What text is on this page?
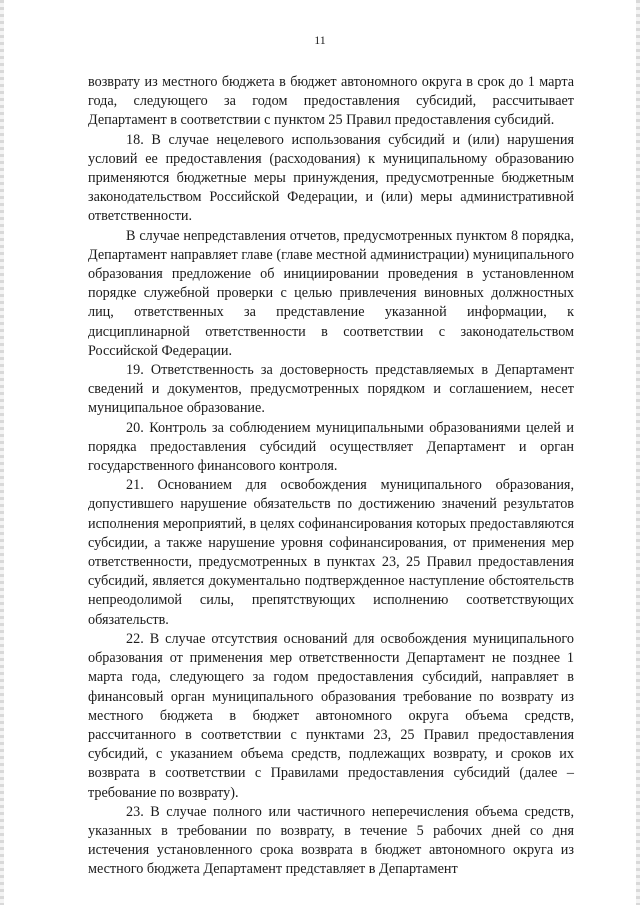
11

возврату из местного бюджета в бюджет автономного округа в срок до 1 марта года, следующего за годом предоставления субсидий, рассчитывает Департамент в соответствии с пунктом 25 Правил предоставления субсидий.

18. В случае нецелевого использования субсидий и (или) нарушения условий ее предоставления (расходования) к муниципальному образованию применяются бюджетные меры принуждения, предусмотренные бюджетным законодательством Российской Федерации, и (или) меры административной ответственности.

В случае непредставления отчетов, предусмотренных пунктом 8 порядка, Департамент направляет главе (главе местной администрации) муниципального образования предложение об инициировании проведения в установленном порядке служебной проверки с целью привлечения виновных должностных лиц, ответственных за представление указанной информации, к дисциплинарной ответственности в соответствии с законодательством Российской Федерации.

19. Ответственность за достоверность представляемых в Департамент сведений и документов, предусмотренных порядком и соглашением, несет муниципальное образование.

20. Контроль за соблюдением муниципальными образованиями целей и порядка предоставления субсидий осуществляет Департамент и орган государственного финансового контроля.

21. Основанием для освобождения муниципального образования, допустившего нарушение обязательств по достижению значений результатов исполнения мероприятий, в целях софинансирования которых предоставляются субсидии, а также нарушение уровня софинансирования, от применения мер ответственности, предусмотренных в пунктах 23, 25 Правил предоставления субсидий, является документально подтвержденное наступление обстоятельств непреодолимой силы, препятствующих исполнению соответствующих обязательств.

22. В случае отсутствия оснований для освобождения муниципального образования от применения мер ответственности Департамент не позднее 1 марта года, следующего за годом предоставления субсидий, направляет в финансовый орган муниципального образования требование по возврату из местного бюджета в бюджет автономного округа объема средств, рассчитанного в соответствии с пунктами 23, 25 Правил предоставления субсидий, с указанием объема средств, подлежащих возврату, и сроков их возврата в соответствии с Правилами предоставления субсидий (далее – требование по возврату).

23. В случае полного или частичного неперечисления объема средств, указанных в требовании по возврату, в течение 5 рабочих дней со дня истечения установленного срока возврата в бюджет автономного округа из местного бюджета Департамент представляет в Департамент
